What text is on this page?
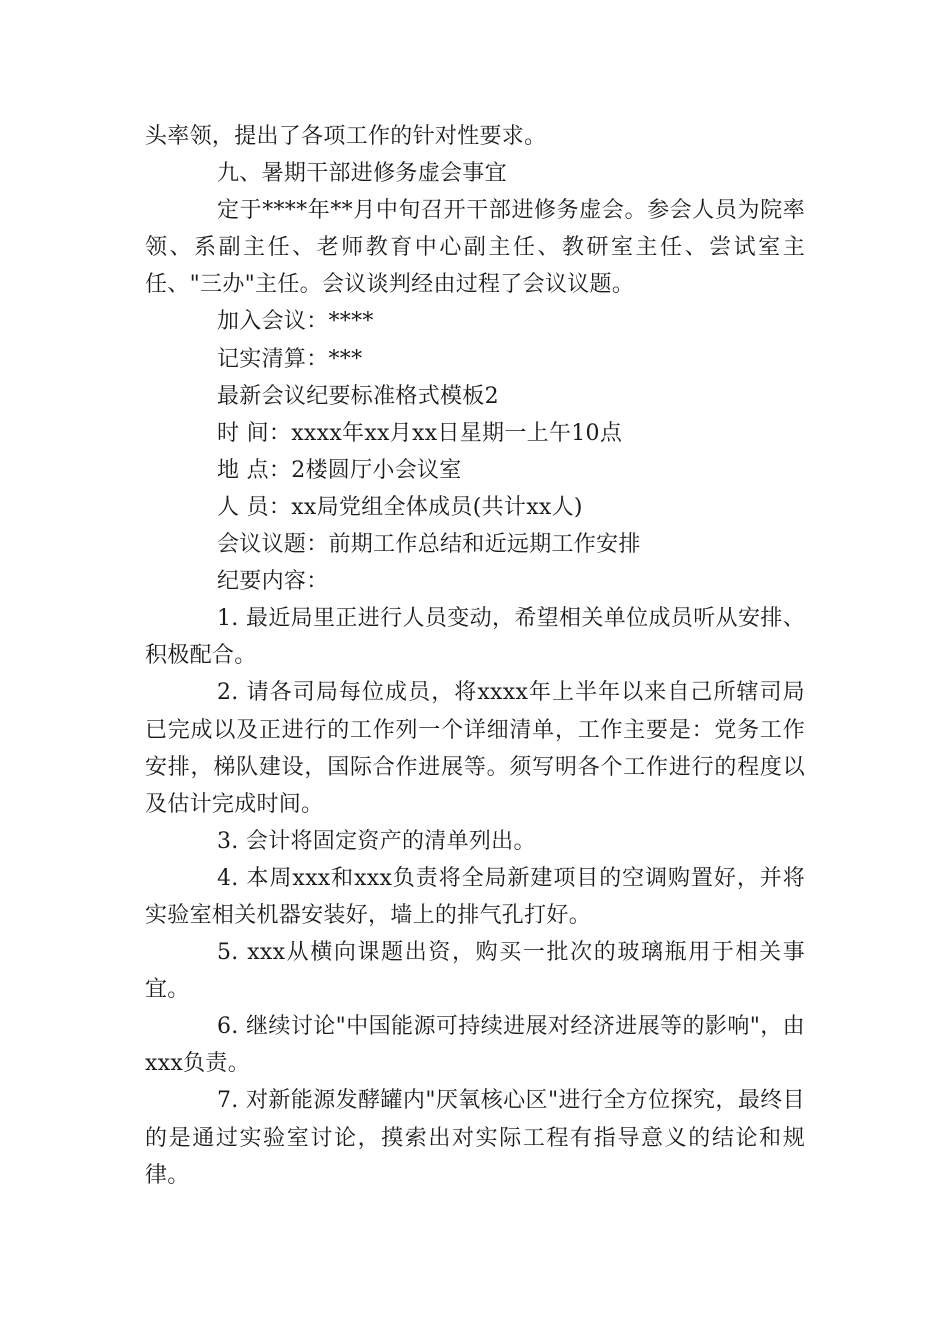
头率领，提出了各项工作的针对性要求。

九、暑期干部进修务虚会事宜

定于****年**月中旬召开干部进修务虚会。参会人员为院率领、系副主任、老师教育中心副主任、教研室主任、尝试室主任、"三办"主任。会议谈判经由过程了会议议题。

加入会议：****

记实清算：***

最新会议纪要标准格式模板2

时 间：xxxx年xx月xx日星期一上午10点

地 点：2楼圆厅小会议室

人 员：xx局党组全体成员(共计xx人)

会议议题：前期工作总结和近远期工作安排

纪要内容：

1. 最近局里正进行人员变动，希望相关单位成员听从安排、积极配合。

2. 请各司局每位成员，将xxxx年上半年以来自己所辖司局已完成以及正进行的工作列一个详细清单，工作主要是：党务工作安排，梯队建设，国际合作进展等。须写明各个工作进行的程度以及估计完成时间。

3. 会计将固定资产的清单列出。

4. 本周xxx和xxx负责将全局新建项目的空调购置好，并将实验室相关机器安装好，墙上的排气孔打好。

5. xxx从横向课题出资，购买一批次的玻璃瓶用于相关事宜。

6. 继续讨论"中国能源可持续进展对经济进展等的影响"，由xxx负责。

7. 对新能源发酵罐内"厌氧核心区"进行全方位探究，最终目的是通过实验室讨论，摸索出对实际工程有指导意义的结论和规律。
